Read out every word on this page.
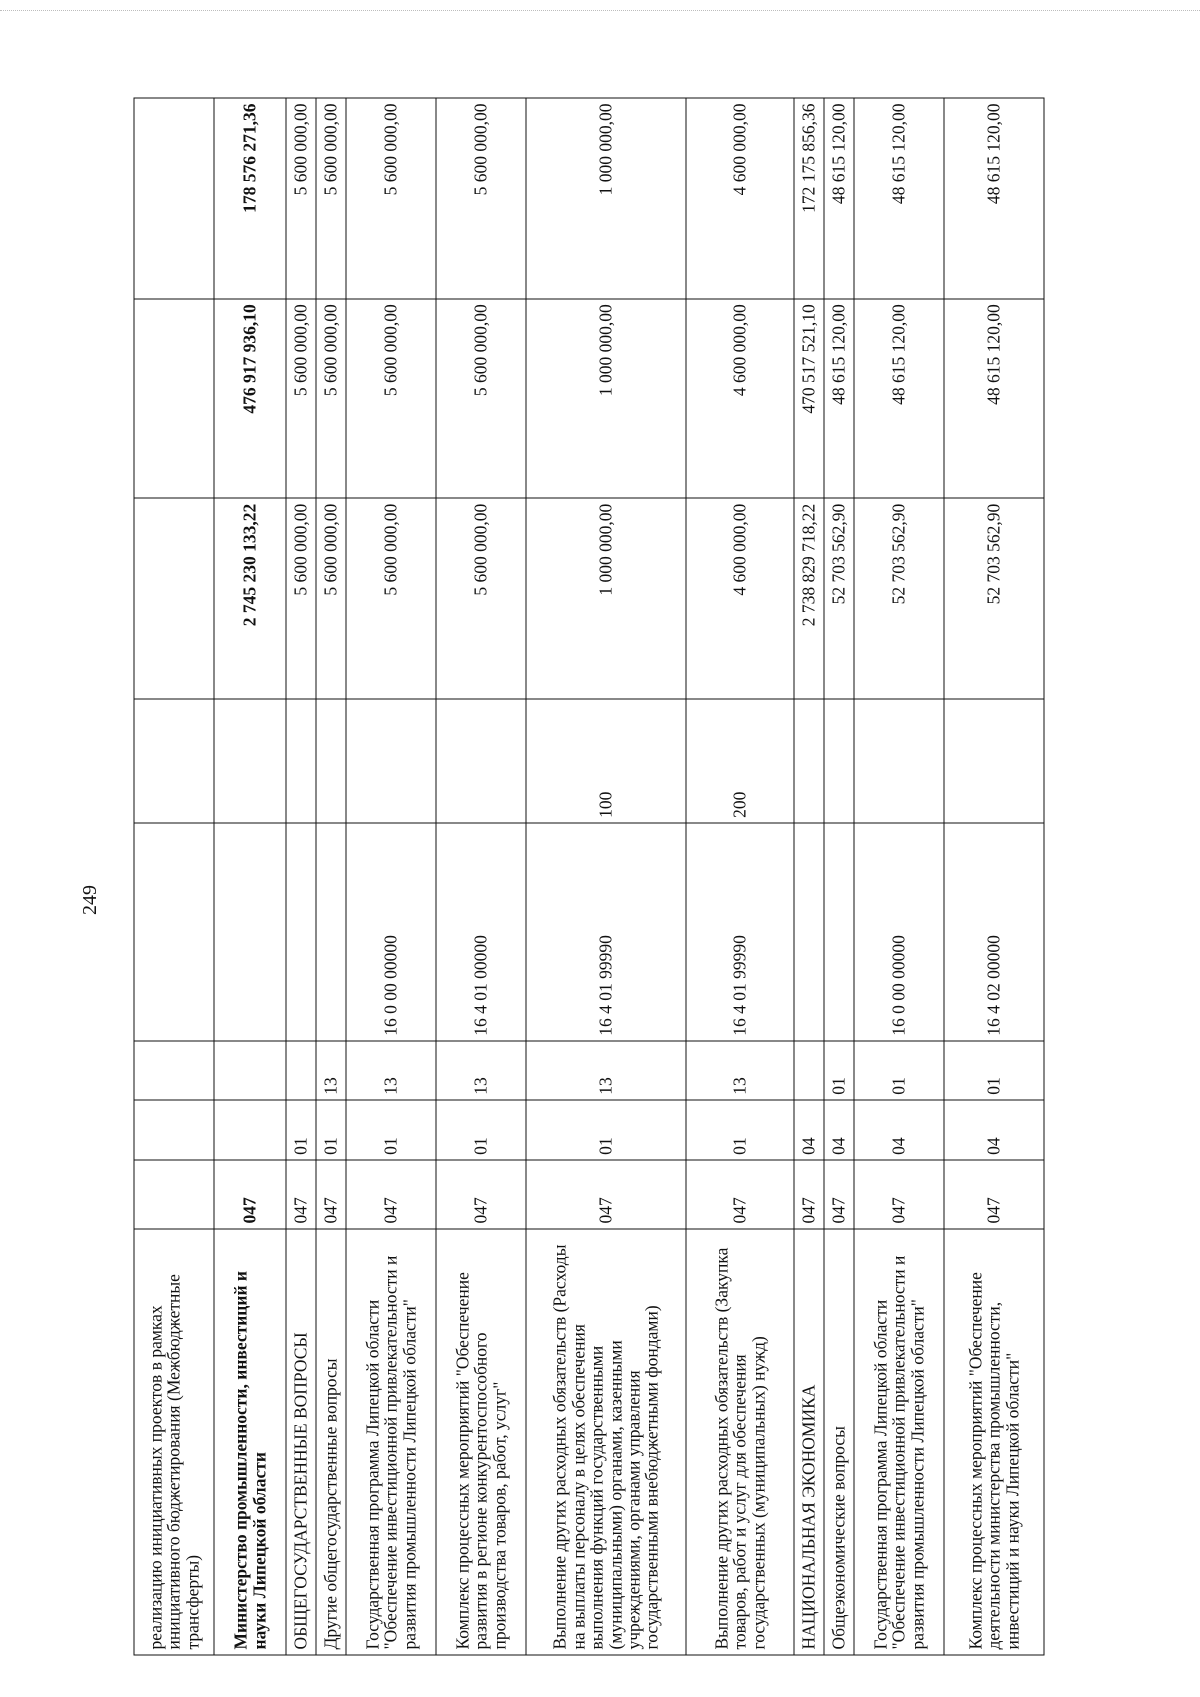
249
реализацию инициативных проектов в рамках инициативного бюджетирования (Межбюджетные трансферты)								
Министерство промышленности, инвестиций и науки Липецкой области	047					2 745 230 133,22	476 917 936,10	178 576 271,36
ОБЩЕГОСУДАРСТВЕННЫЕ ВОПРОСЫ	047	01				5 600 000,00	5 600 000,00	5 600 000,00
Другие общегосударственные вопросы	047	01	13			5 600 000,00	5 600 000,00	5 600 000,00
Государственная программа Липецкой области "Обеспечение инвестиционной привлекательности и развития промышленности Липецкой области"	047	01	13	16 0 00 00000		5 600 000,00	5 600 000,00	5 600 000,00
Комплекс процессных мероприятий "Обеспечение развития в регионе конкурентоспособного производства товаров, работ, услуг"	047	01	13	16 4 01 00000		5 600 000,00	5 600 000,00	5 600 000,00
Выполнение других расходных обязательств (Расходы на выплаты персоналу в целях обеспечения выполнения функций государственными (муниципальными) органами, казенными учреждениями, органами управления государственными внебюджетными фондами)	047	01	13	16 4 01 99990	100	1 000 000,00	1 000 000,00	1 000 000,00
Выполнение других расходных обязательств (Закупка товаров, работ и услуг для обеспечения государственных (муниципальных) нужд)	047	01	13	16 4 01 99990	200	4 600 000,00	4 600 000,00	4 600 000,00
НАЦИОНАЛЬНАЯ ЭКОНОМИКА	047	04				2 738 829 718,22	470 517 521,10	172 175 856,36
Общеэкономические вопросы	047	04	01			52 703 562,90	48 615 120,00	48 615 120,00
Государственная программа Липецкой области "Обеспечение инвестиционной привлекательности и развития промышленности Липецкой области"	047	04	01	16 0 00 00000		52 703 562,90	48 615 120,00	48 615 120,00
Комплекс процессных мероприятий "Обеспечение деятельности министерства промышленности, инвестиций и науки Липецкой области"	047	04	01	16 4 02 00000		52 703 562,90	48 615 120,00	48 615 120,00
